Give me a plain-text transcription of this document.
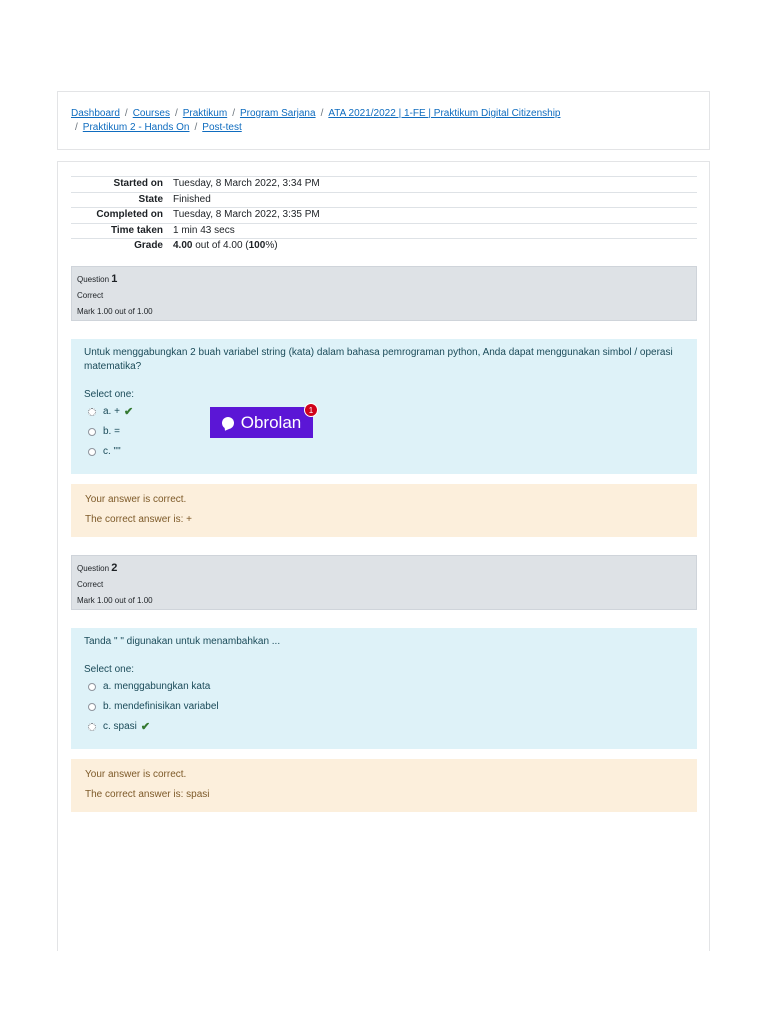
Dashboard / Courses / Praktikum / Program Sarjana / ATA 2021/2022 | 1-FE | Praktikum Digital Citizenship
/ Praktikum 2 - Hands On / Post-test
Started on	Tuesday, 8 March 2022, 3:34 PM
State	Finished
Completed on	Tuesday, 8 March 2022, 3:35 PM
Time taken	1 min 43 secs
Grade	4.00 out of 4.00 (100%)
Question 1
Correct
Mark 1.00 out of 1.00
Untuk menggabungkan 2 buah variabel string (kata) dalam bahasa pemrograman python, Anda dapat menggunakan simbol / operasi matematika?
Select one:
a. + ✔
b. =
c. ""
Your answer is correct.
The correct answer is: +
Question 2
Correct
Mark 1.00 out of 1.00
Tanda " " digunakan untuk menambahkan ...
Select one:
a. menggabungkan kata
b. mendefinisikan variabel
c. spasi ✔
Your answer is correct.
The correct answer is: spasi
Obrolan
1
